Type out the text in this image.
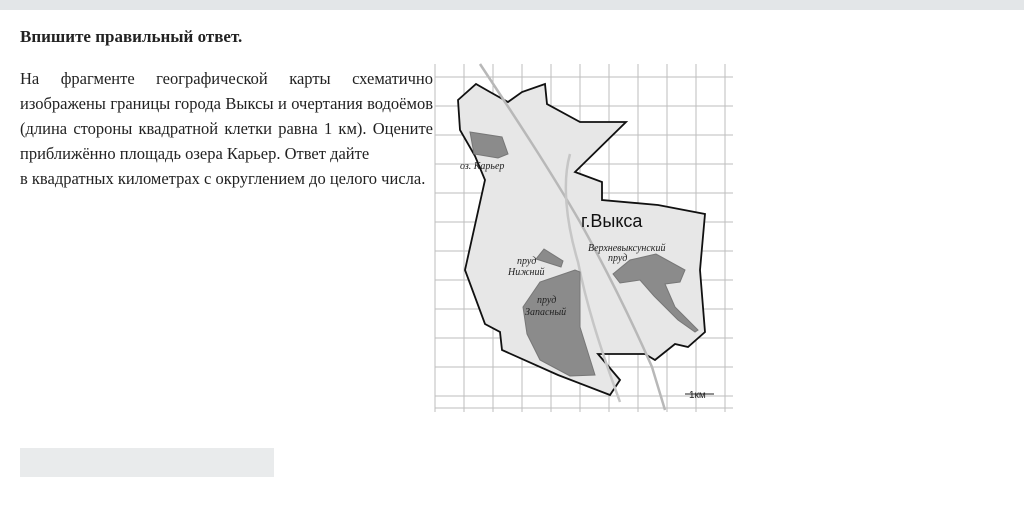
Впишите правильный ответ.

На фрагменте географической карты схематично изображены границы города Выксы и очертания водоёмов (длина стороны квадратной клетки равна 1 км). Оцените приближённо площадь озера Карьер. Ответ дайте

в квадратных километрах с округлением до целого числа.

оз. Карьер
г.Выкса
Верхневыксунский
пруд
пруд
Нижний
пруд
Запасный
1км
